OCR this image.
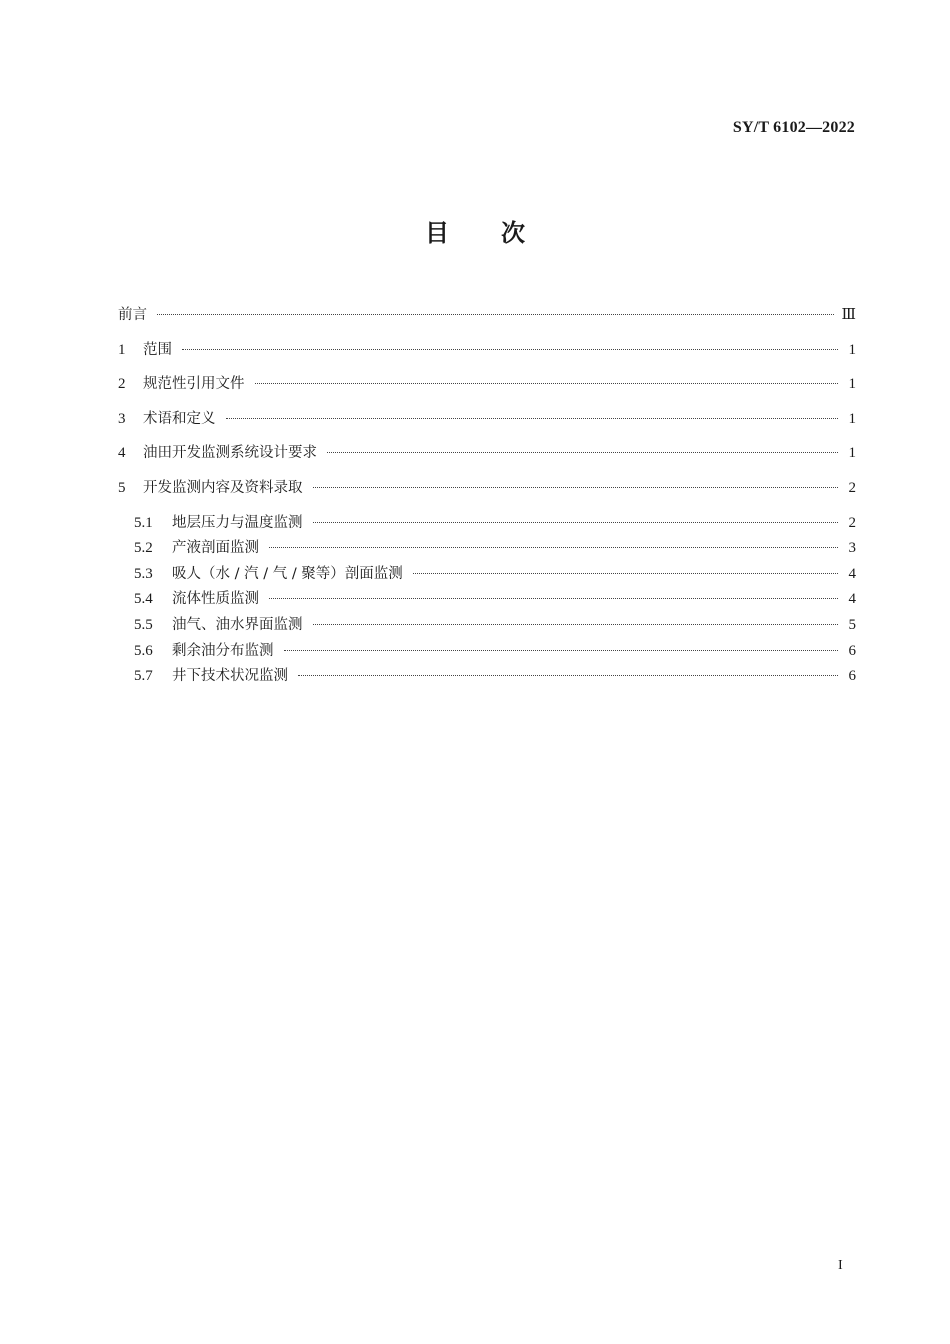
SY/T 6102—2022
目次
前言	Ⅲ
1	范围	1
2	规范性引用文件	1
3	术语和定义	1
4	油田开发监测系统设计要求	1
5	开发监测内容及资料录取	2
5.1	地层压力与温度监测	2
5.2	产液剖面监测	3
5.3	吸人（水 / 汽 / 气 / 聚等）剖面监测	4
5.4	流体性质监测	4
5.5	油气、油水界面监测	5
5.6	剩余油分布监测	6
5.7	井下技术状况监测	6
I
